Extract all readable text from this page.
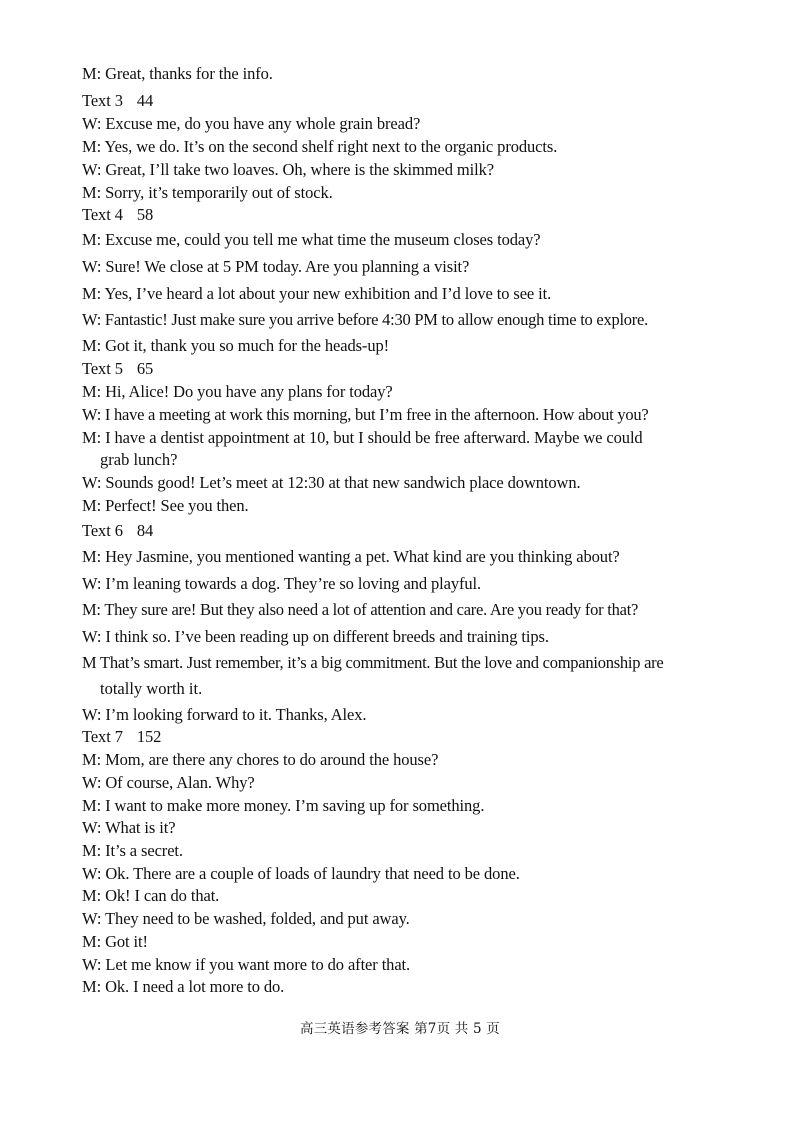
M: Great, thanks for the info.
Text 3 44
W: Excuse me, do you have any whole grain bread?
M: Yes, we do. It’s on the second shelf right next to the organic products.
W: Great, I’ll take two loaves. Oh, where is the skimmed milk?
M: Sorry, it’s temporarily out of stock.
Text 4 58
M: Excuse me, could you tell me what time the museum closes today?
W: Sure! We close at 5 PM today. Are you planning a visit?
M: Yes, I’ve heard a lot about your new exhibition and I’d love to see it.
W: Fantastic! Just make sure you arrive before 4:30 PM to allow enough time to explore.
M: Got it, thank you so much for the heads-up!
Text 5 65
M: Hi, Alice! Do you have any plans for today?
W: I have a meeting at work this morning, but I’m free in the afternoon. How about you?
M: I have a dentist appointment at 10, but I should be free afterward. Maybe we could
grab lunch?
W: Sounds good! Let’s meet at 12:30 at that new sandwich place downtown.
M: Perfect! See you then.
Text 6 84
M: Hey Jasmine, you mentioned wanting a pet. What kind are you thinking about?
W: I’m leaning towards a dog. They’re so loving and playful.
M: They sure are! But they also need a lot of attention and care. Are you ready for that?
W: I think so. I’ve been reading up on different breeds and training tips.
M That’s smart. Just remember, it’s a big commitment. But the love and companionship are
totally worth it.
W: I’m looking forward to it. Thanks, Alex.
Text 7 152
M: Mom, are there any chores to do around the house?
W: Of course, Alan. Why?
M: I want to make more money. I’m saving up for something.
W: What is it?
M: It’s a secret.
W: Ok. There are a couple of loads of laundry that need to be done.
M: Ok! I can do that.
W: They need to be washed, folded, and put away.
M: Got it!
W: Let me know if you want more to do after that.
M: Ok. I need a lot more to do.
高三英语参考答案 第7页 共 5 页
